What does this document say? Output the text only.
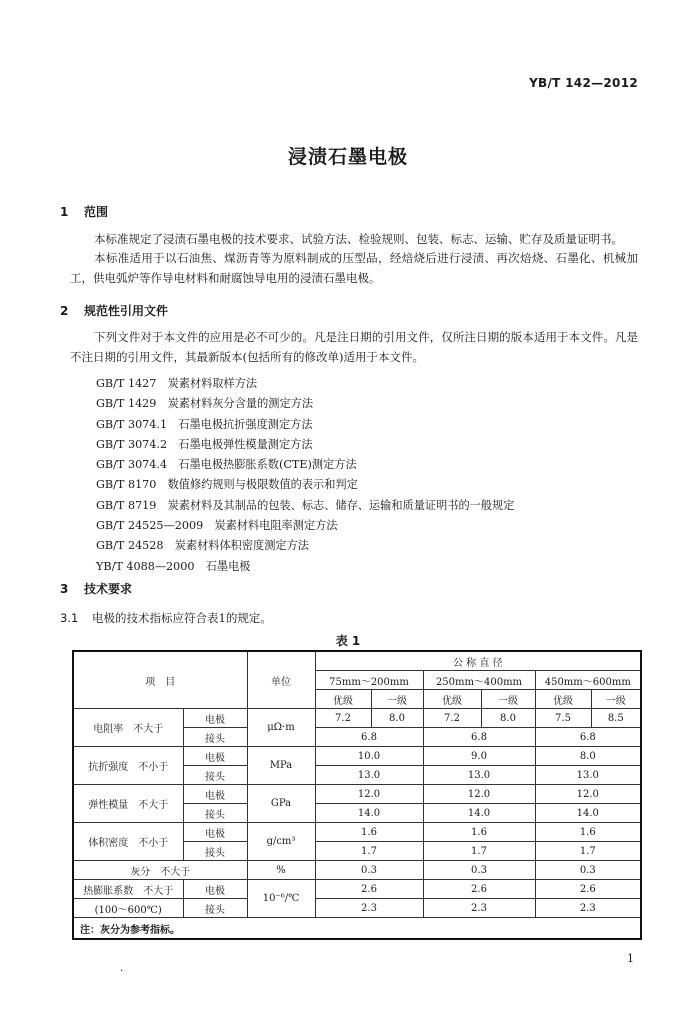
YB/T 142—2012
浸渍石墨电极
1 范围
本标准规定了浸渍石墨电极的技术要求、试验方法、检验规则、包装、标志、运输、贮存及质量证明书。
本标准适用于以石油焦、煤沥青等为原料制成的压型品，经焙烧后进行浸渍、再次焙烧、石墨化、机械加工，供电弧炉等作导电材料和耐腐蚀导电用的浸渍石墨电极。
2 规范性引用文件
下列文件对于本文件的应用是必不可少的。凡是注日期的引用文件，仅所注日期的版本适用于本文件。凡是不注日期的引用文件，其最新版本(包括所有的修改单)适用于本文件。
GB/T 1427　炭素材料取样方法
GB/T 1429　炭素材料灰分含量的测定方法
GB/T 3074.1　石墨电极抗折强度测定方法
GB/T 3074.2　石墨电极弹性模量测定方法
GB/T 3074.4　石墨电极热膨胀系数(CTE)测定方法
GB/T 8170　数值修约规则与极限数值的表示和判定
GB/T 8719　炭素材料及其制品的包装、标志、储存、运输和质量证明书的一般规定
GB/T 24525—2009　炭素材料电阻率测定方法
GB/T 24528　炭素材料体积密度测定方法
YB/T 4088—2000　石墨电极
3 技术要求
3.1 电极的技术指标应符合表1的规定。
表 1
项　目		单位	公 称 直 径					
			75mm～200mm		250mm～400mm		450mm～600mm	
			优级	一级	优级	一级	优级	一级
电阻率　不大于	电极	μΩ·m	7.2	8.0	7.2	8.0	7.5	8.5
	接头		6.8		6.8		6.8	
抗折强度　不小于	电极	MPa	10.0		9.0		8.0	
	接头		13.0		13.0		13.0	
弹性模量　不大于	电极	GPa	12.0		12.0		12.0	
	接头		14.0		14.0		14.0	
体积密度　不小于	电极	g/cm³	1.6		1.6		1.6	
	接头		1.7		1.7		1.7	
灰分　不大于		%	0.3		0.3		0.3	
热膨胀系数　不大于	电极	10⁻⁶/℃	2.6		2.6		2.6	
(100～600℃)	接头		2.3		2.3		2.3	
注：灰分为参考指标。								
1
·
